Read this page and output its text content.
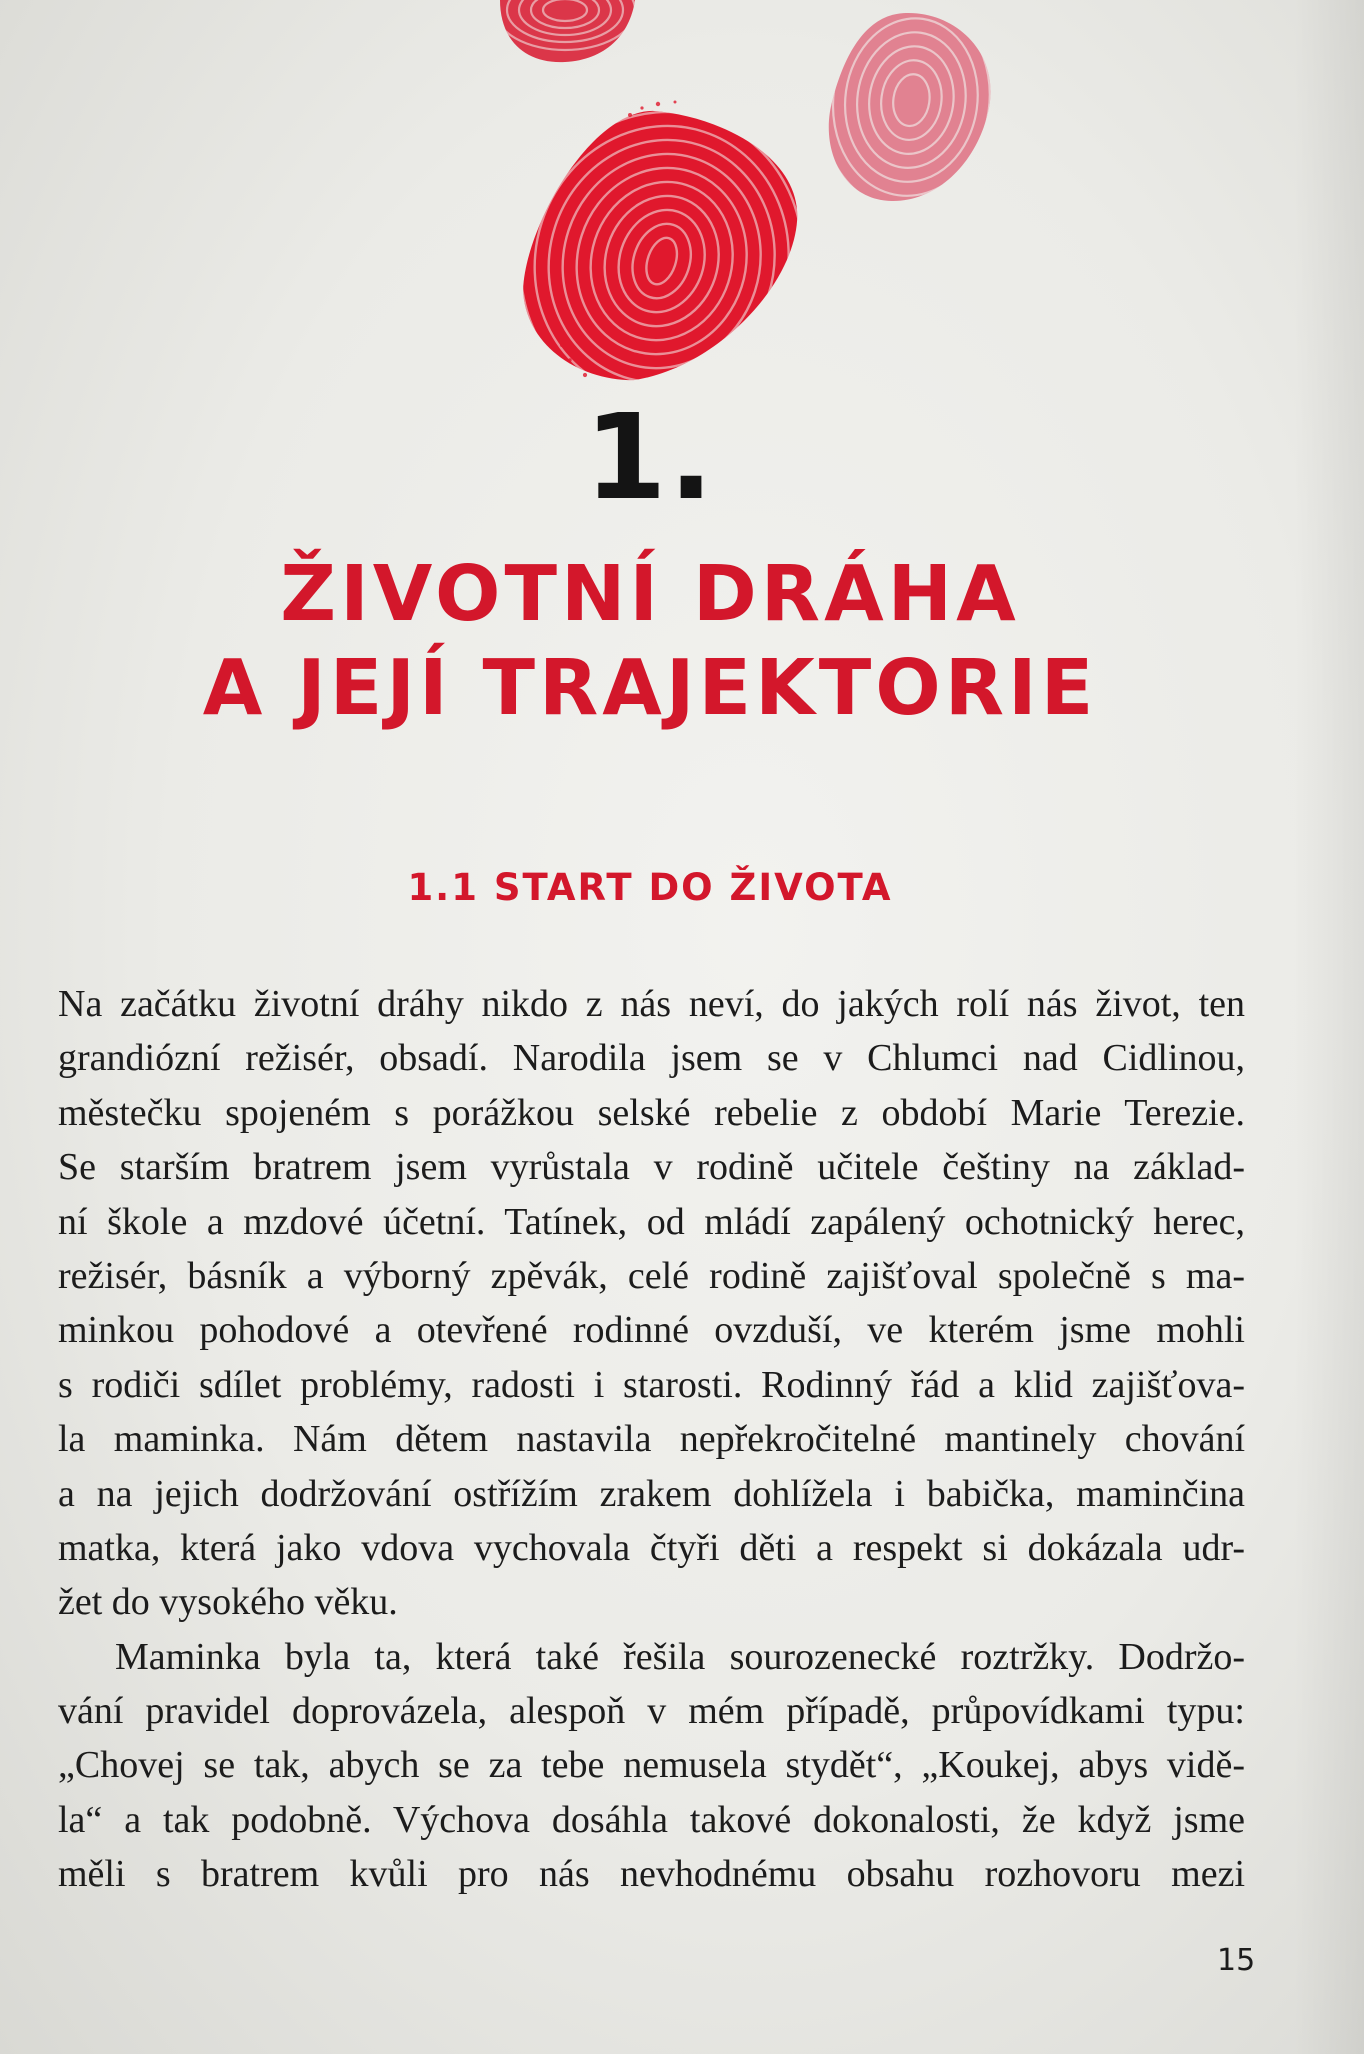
1.
ŽIVOTNÍ DRÁHA
A JEJÍ TRAJEKTORIE
1.1 START DO ŽIVOTA
Na začátku životní dráhy nikdo z nás neví, do jakých rolí nás život, ten
grandiózní režisér, obsadí. Narodila jsem se v Chlumci nad Cidlinou,
městečku spojeném s porážkou selské rebelie z období Marie Terezie.
Se starším bratrem jsem vyrůstala v rodině učitele češtiny na základ-
ní škole a mzdové účetní. Tatínek, od mládí zapálený ochotnický herec,
režisér, básník a výborný zpěvák, celé rodině zajišťoval společně s ma-
minkou pohodové a otevřené rodinné ovzduší, ve kterém jsme mohli
s rodiči sdílet problémy, radosti i starosti. Rodinný řád a klid zajišťova-
la maminka. Nám dětem nastavila nepřekročitelné mantinely chování
a na jejich dodržování ostřížím zrakem dohlížela i babička, maminčina
matka, která jako vdova vychovala čtyři děti a respekt si dokázala udr-
žet do vysokého věku.
Maminka byla ta, která také řešila sourozenecké roztržky. Dodržo-
vání pravidel doprovázela, alespoň v mém případě, průpovídkami typu:
„Chovej se tak, abych se za tebe nemusela stydět“, „Koukej, abys vidě-
la“ a tak podobně. Výchova dosáhla takové dokonalosti, že když jsme
měli s bratrem kvůli pro nás nevhodnému obsahu rozhovoru mezi
15
